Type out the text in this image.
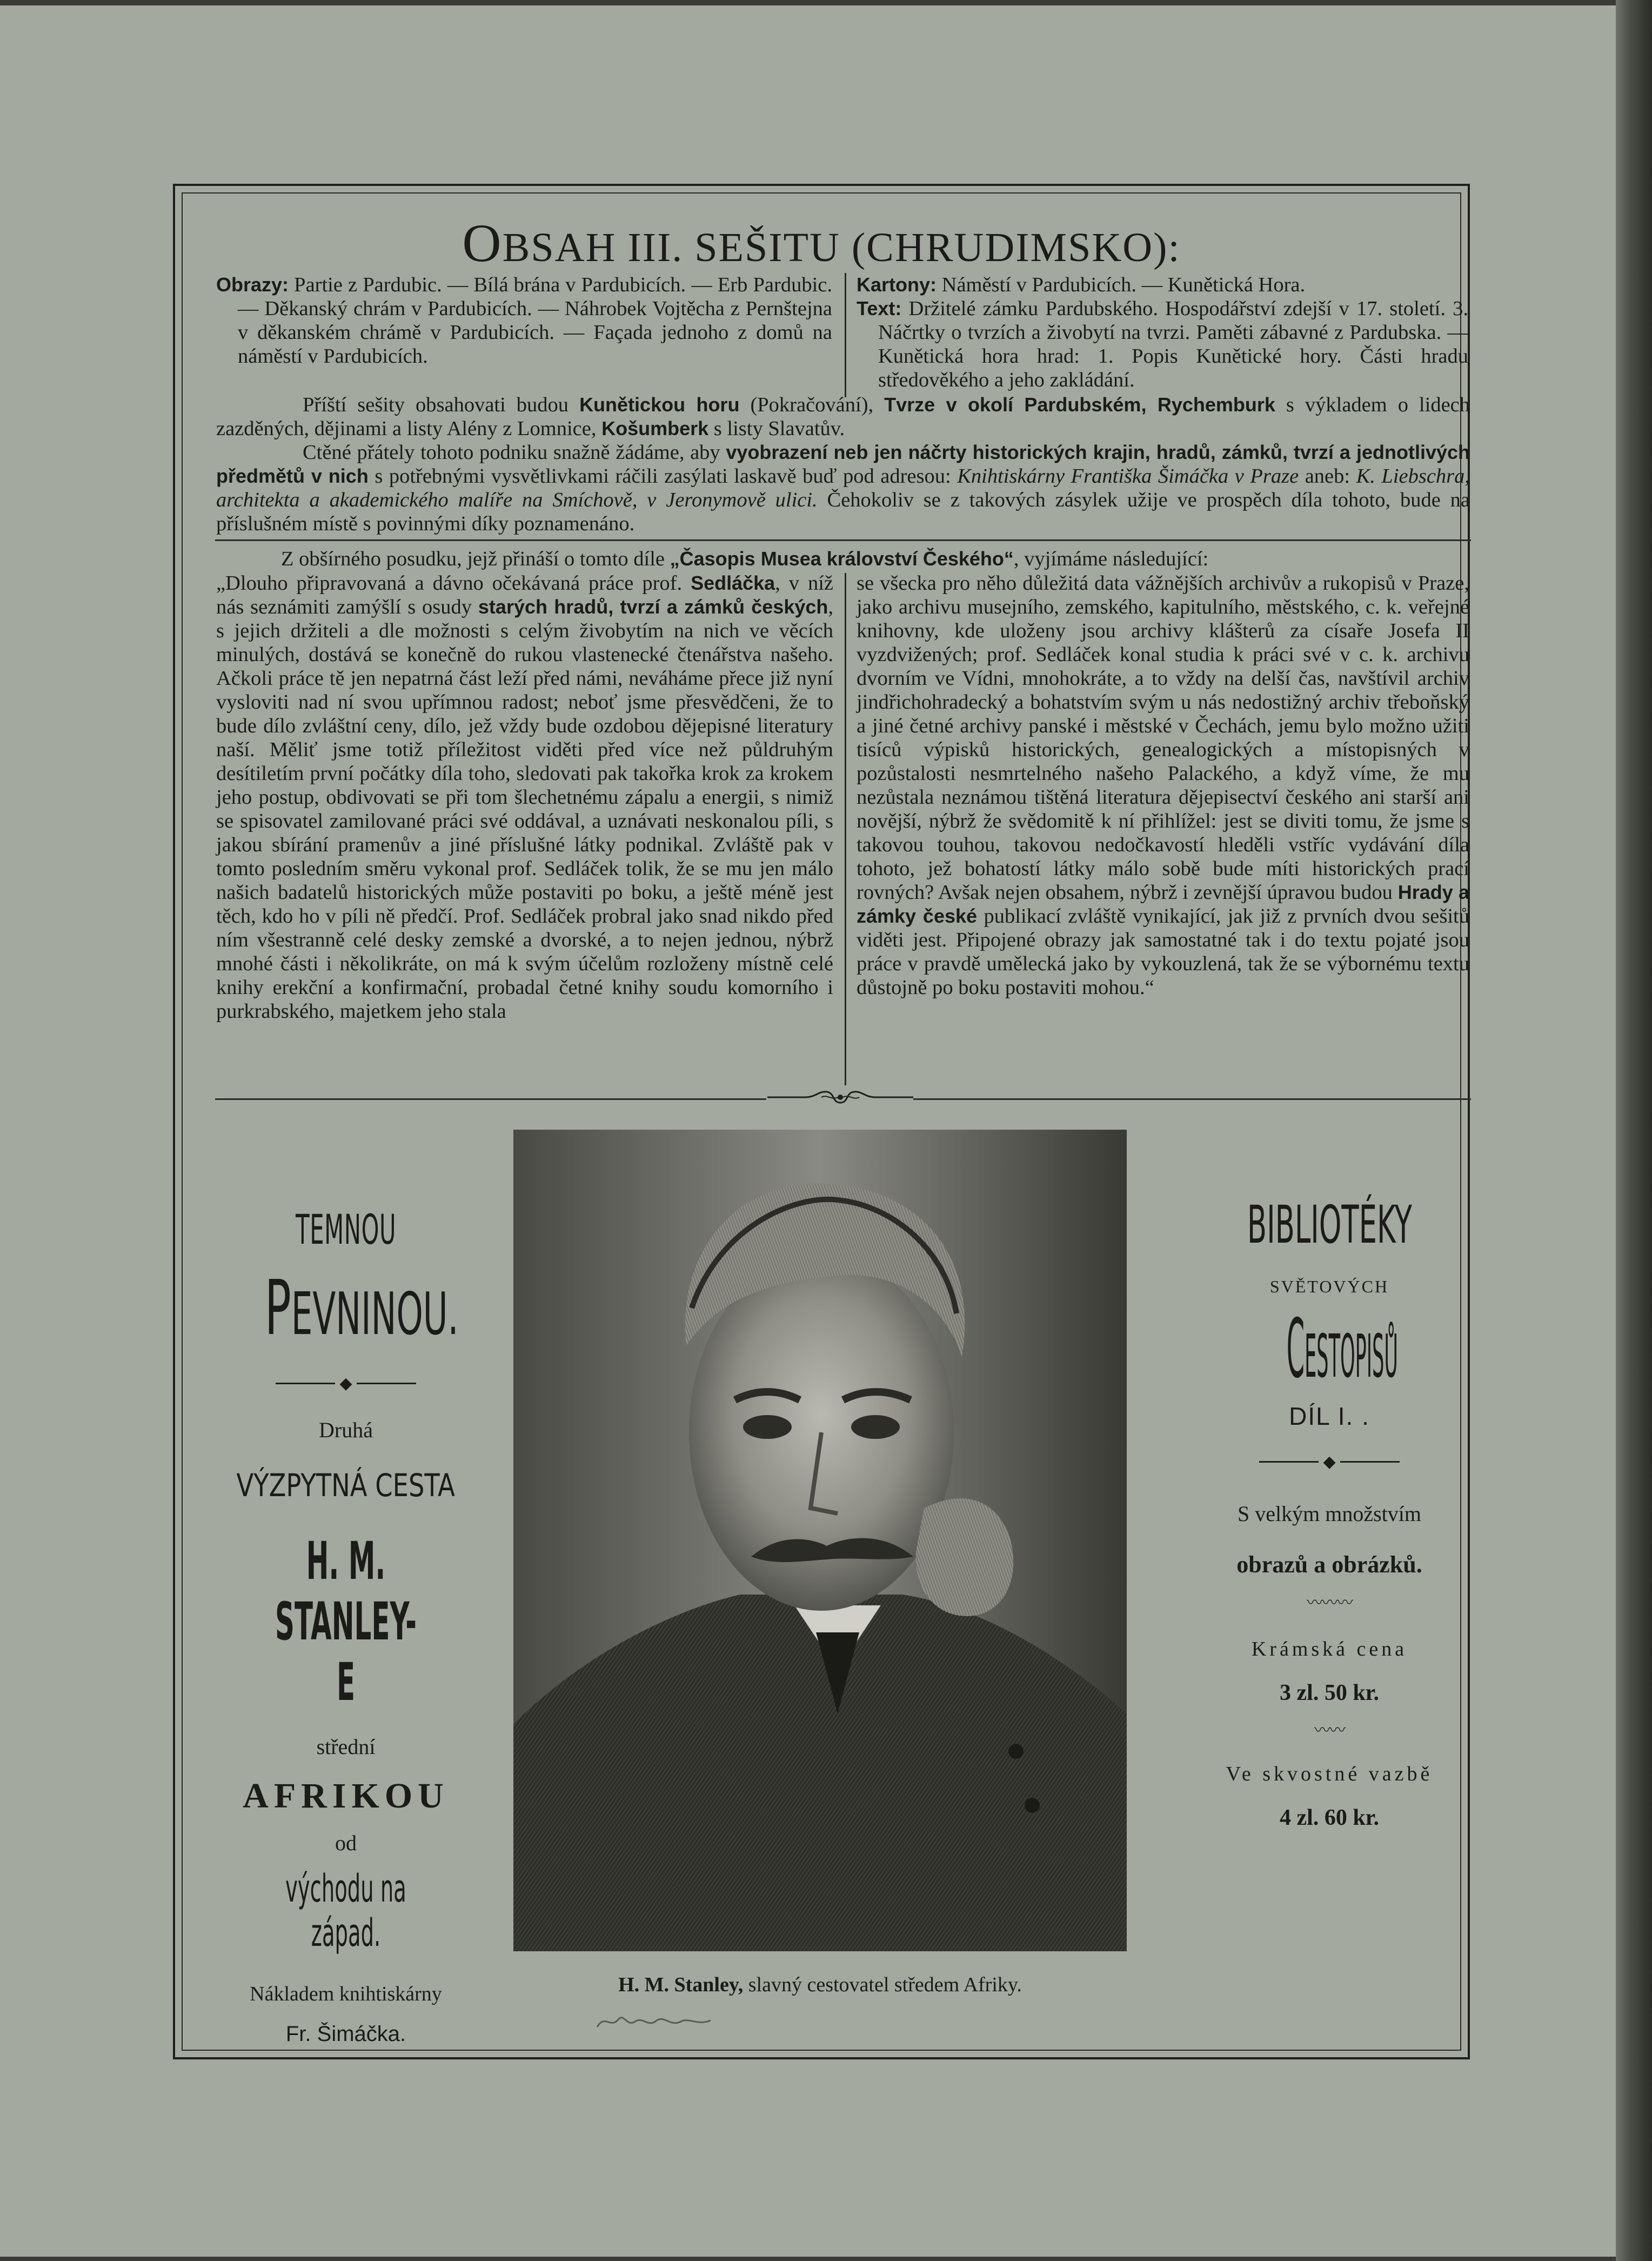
OBSAH III. SEŠITU (CHRUDIMSKO):
Obrazy: Partie z Pardubic. — Bílá brána v Pardubicích. — Erb Pardubic. — Děkanský chrám v Pardubicích. — Náhrobek Vojtěcha z Pernštejna v děkanském chrámě v Pardubicích. — Façada jednoho z domů na náměstí v Pardubicích.
Kartony: Náměstí v Pardubicích. — Kunětická Hora.
Text: Držitelé zámku Pardubského. Hospodářství zdejší v 17. století. 3. Náčrtky o tvrzích a živobytí na tvrzi. Paměti zábavné z Pardubska. — Kunětická hora hrad: 1. Popis Kunětické hory. Části hradu středověkého a jeho zakládání.
Příští sešity obsahovati budou Kunětickou horu (Pokračování), Tvrze v okolí Pardubském, Rychemburk s výkladem o lidech zazděných, dějinami a listy Alény z Lomnice, Košumberk s listy Slavatův.
Ctěné přátely tohoto podniku snažně žádáme, aby vyobrazení neb jen náčrty historických krajin, hradů, zámků, tvrzí a jednotlivých předmětů v nich s potřebnými vysvětlivkami ráčili zasýlati laskavě buď pod adresou: Knihtiskárny Františka Šimáčka v Praze aneb: K. Liebschra, architekta a akademického malíře na Smíchově, v Jeronymově ulici. Čehokoliv se z takových zásylek užije ve prospěch díla tohoto, bude na příslušném místě s povinnými díky poznamenáno.
Z obšírného posudku, jejž přináší o tomto díle „Časopis Musea království Českého“, vyjímáme následující:
„Dlouho připravovaná a dávno očekávaná práce prof. Sedláčka, v níž nás seznámiti zamýšlí s osudy starých hradů, tvrzí a zámků českých, s jejich držiteli a dle možnosti s celým živobytím na nich ve věcích minulých, dostává se konečně do rukou vlastenecké čtenářstva našeho. Ačkoli práce tě jen nepatrná část leží před námi, neváháme přece již nyní vysloviti nad ní svou upřímnou radost; neboť jsme přesvědčeni, že to bude dílo zvláštní ceny, dílo, jež vždy bude ozdobou dějepisné literatury naší. Měliť jsme totiž příležitost viděti před více než půldruhým desítiletím první počátky díla toho, sledovati pak takořka krok za krokem jeho postup, obdivovati se při tom šlechetnému zápalu a energii, s nimiž se spisovatel zamilované práci své oddával, a uznávati neskonalou píli, s jakou sbírání pramenův a jiné příslušné látky podnikal. Zvláště pak v tomto posledním směru vykonal prof. Sedláček tolik, že se mu jen málo našich badatelů historických může postaviti po boku, a ještě méně jest těch, kdo ho v píli ně předčí. Prof. Sedláček probral jako snad nikdo před ním všestranně celé desky zemské a dvorské, a to nejen jednou, nýbrž mnohé části i několikráte, on má k svým účelům rozloženy místně celé knihy erekční a konfirmační, probadal četné knihy soudu komorního i purkrabského, majetkem jeho stala
se všecka pro něho důležitá data vážnějších archivův a rukopisů v Praze, jako archivu musejního, zemského, kapitulního, městského, c. k. veřejné knihovny, kde uloženy jsou archivy klášterů za císaře Josefa II vyzdvižených; prof. Sedláček konal studia k práci své v c. k. archivu dvorním ve Vídni, mnohokráte, a to vždy na delší čas, navštívil archiv jindřichohradecký a bohatstvím svým u nás nedostižný archiv třeboňský a jiné četné archivy panské i městské v Čechách, jemu bylo možno užiti tisíců výpisků historických, genealogických a místopisných v pozůstalosti nesmrtelného našeho Palackého, a když víme, že mu nezůstala neznámou tištěná literatura dějepisectví českého ani starší ani novější, nýbrž že svědomitě k ní přihlížel: jest se diviti tomu, že jsme s takovou touhou, takovou nedočkavostí hleděli vstříc vydávání díla tohoto, jež bohatostí látky málo sobě bude míti historických prací rovných? Avšak nejen obsahem, nýbrž i zevnější úpravou budou Hrady a zámky české publikací zvláště vynikající, jak již z prvních dvou sešitů viděti jest. Připojené obrazy jak samostatné tak i do textu pojaté jsou práce v pravdě umělecká jako by vykouzlená, tak že se výbornému textu důstojně po boku postaviti mohou.“
TEMNOU
PEVNINOU.
◆
Druhá
VÝZPYTNÁ CESTA
H. M. STANLEY-E
střední
AFRIKOU
od
východu na západ.
Nákladem knihtiskárny
Fr. Šimáčka.
H. M. Stanley, slavný cestovatel středem Afriky.
BIBLIOTÉKY
SVĚTOVÝCH
CESTOPISŮ
DÍL I. .
◆
S velkým množstvím
obrazů a obrázků.
〰〰〰
Krámská cena
3 zl. 50 kr.
〰〰
Ve skvostné vazbě
4 zl. 60 kr.
